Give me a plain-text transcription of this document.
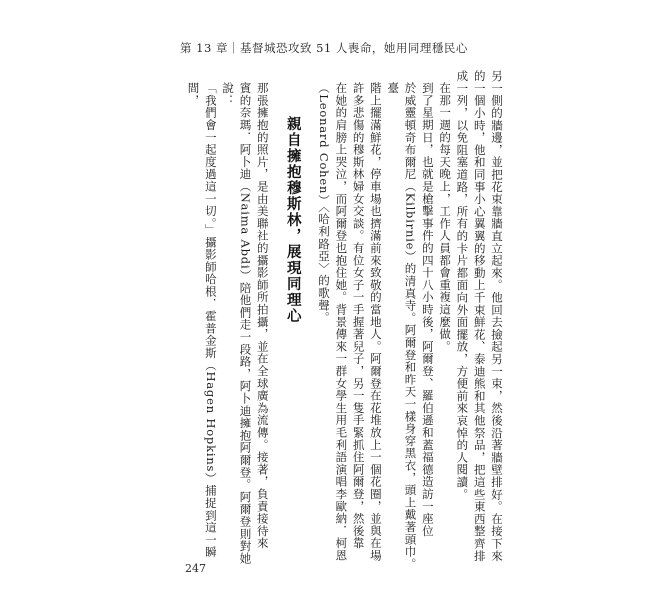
第 13 章｜基督城恐攻致 51 人喪命，她用同理穩民心

另一側的牆邊，並把花束靠牆直立起來。他回去撿起另一束，然後沿著牆壁排好。在接下來
的一個小時，他和同事小心翼翼的移動上千束鮮花、泰迪熊和其他祭品，把這些東西整齊排
成一列，以免阻塞道路，所有的卡片都面向外面擺放，方便前來哀悼的人閱讀。

在那一週的每天晚上，工作人員都會重複這麼做。

到了星期日，也就是槍擊事件的四十八小時後，阿爾登、羅伯遜和蓋福德造訪一座位
於威靈頓奇布爾尼（Kilbirnie）的清真寺。阿爾登和昨天一樣身穿黑衣，頭上戴著頭巾。臺
階上擺滿鮮花，停車場也擠滿前來致敬的當地人。阿爾登在花堆放上一個花圈，並與在場
許多悲傷的穆斯林婦女交談。有位女子一手握著兒子，另一隻手緊抓住阿爾登，然後靠
在她的肩膀上哭泣，而阿爾登也抱住她。背景傳來一群女學生用毛利語演唱李歐納．柯恩
（Leonard Cohen）〈哈利路亞〉的歌聲。

親自擁抱穆斯林，展現同理心

那張擁抱的照片，是由美聯社的攝影師所拍攝，並在全球廣為流傳。接著，負責接待來
賓的奈瑪．阿卜迪（Naima Abdi）陪他們走一段路，阿卜迪擁抱阿爾登。阿爾登則對她說：
「我們會一起度過這一切。」攝影師哈根．霍普金斯（Hagen Hopkins）捕捉到這一瞬間，

247
